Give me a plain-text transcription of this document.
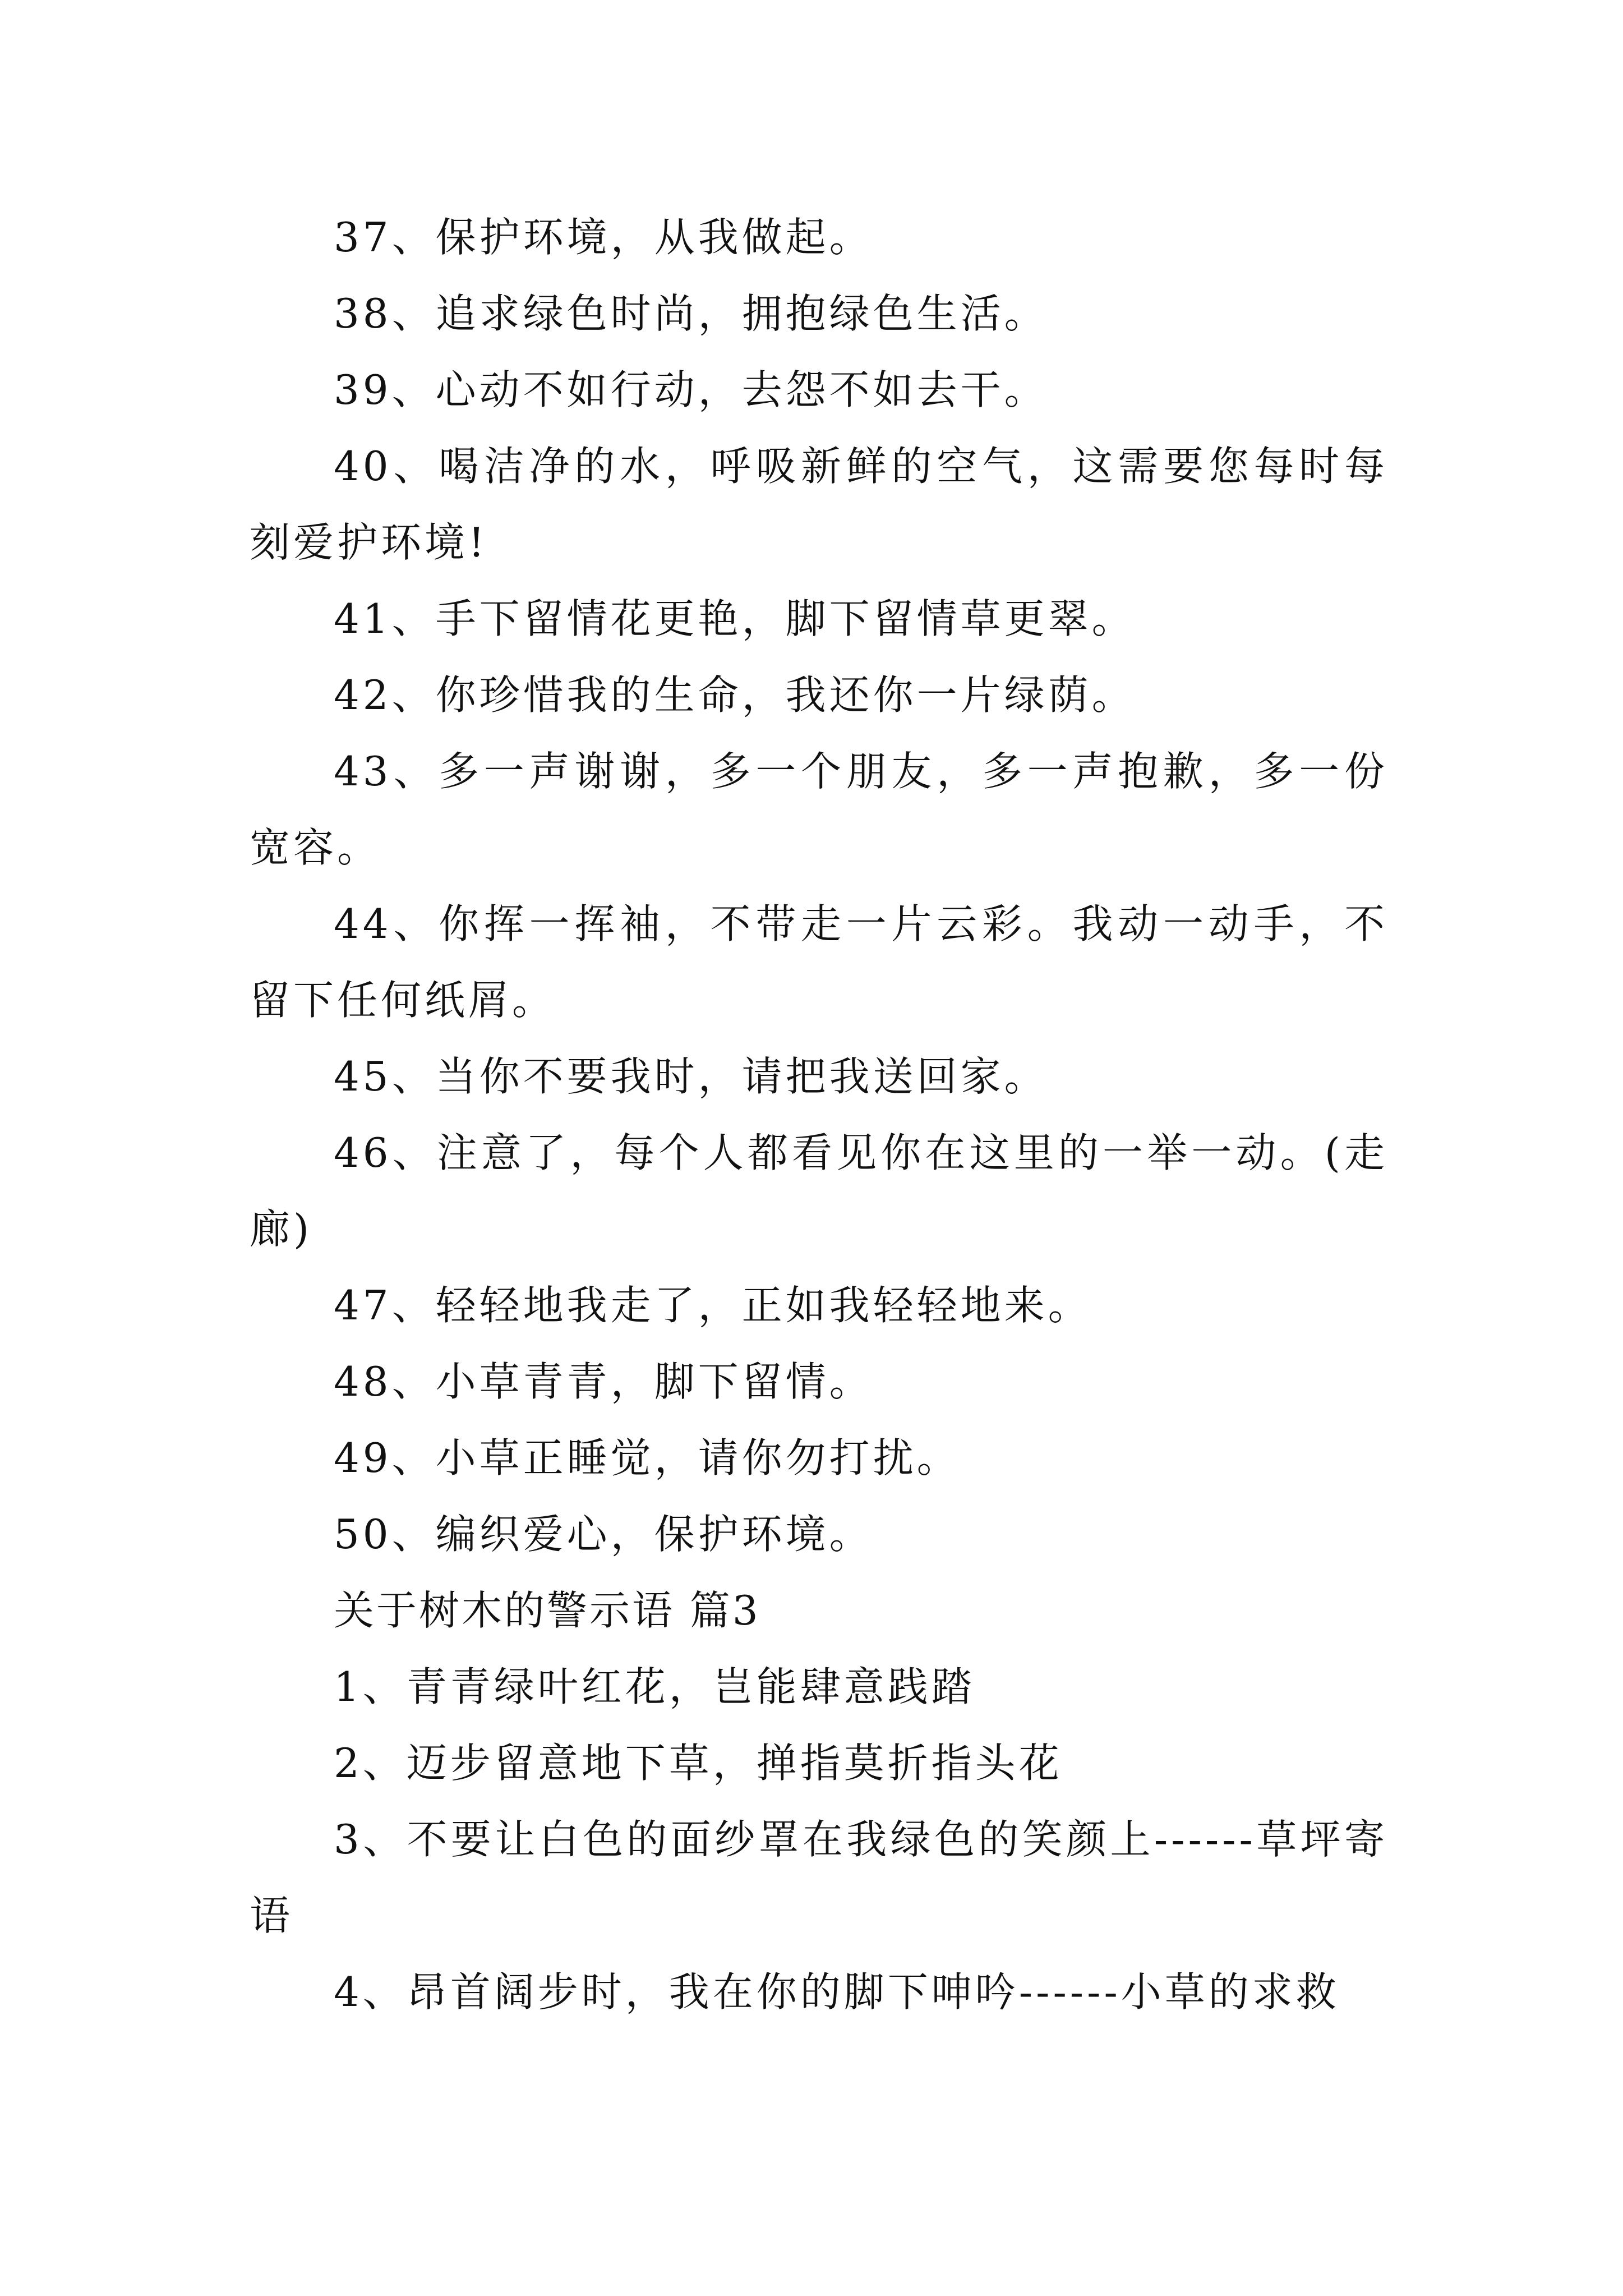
37、保护环境，从我做起。

38、追求绿色时尚，拥抱绿色生活。

39、心动不如行动，去怨不如去干。

40、喝洁净的水，呼吸新鲜的空气，这需要您每时每刻爱护环境!

41、手下留情花更艳，脚下留情草更翠。

42、你珍惜我的生命，我还你一片绿荫。

43、多一声谢谢，多一个朋友，多一声抱歉，多一份宽容。

44、你挥一挥袖，不带走一片云彩。我动一动手，不留下任何纸屑。

45、当你不要我时，请把我送回家。

46、注意了，每个人都看见你在这里的一举一动。(走廊)

47、轻轻地我走了，正如我轻轻地来。

48、小草青青，脚下留情。

49、小草正睡觉，请你勿打扰。

50、编织爱心，保护环境。

关于树木的警示语 篇3

1、青青绿叶红花，岂能肆意践踏

2、迈步留意地下草，掸指莫折指头花

3、不要让白色的面纱罩在我绿色的笑颜上------草坪寄语

4、昂首阔步时，我在你的脚下呻吟------小草的求救
